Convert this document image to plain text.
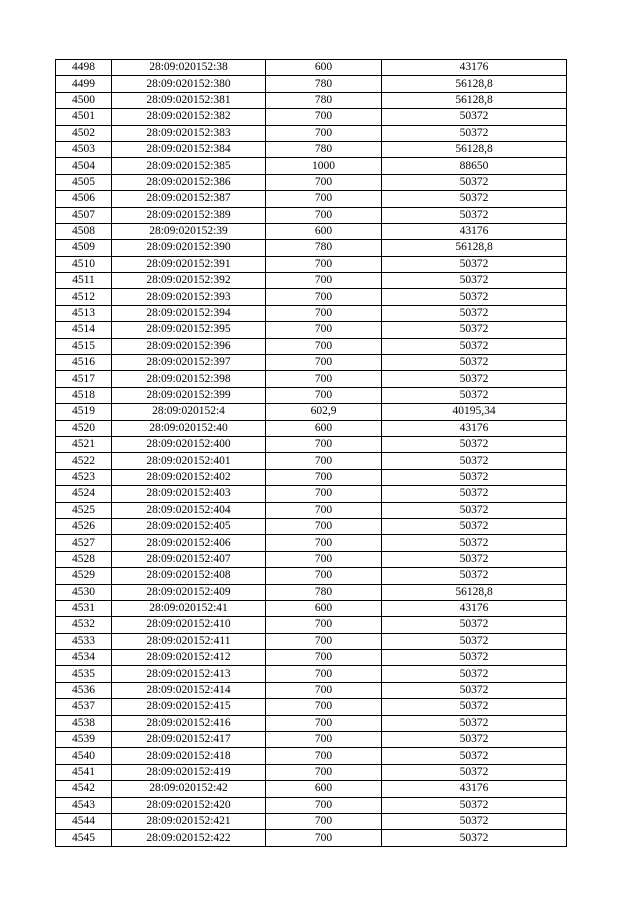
4498	28:09:020152:38	600	43176
4499	28:09:020152:380	780	56128,8
4500	28:09:020152:381	780	56128,8
4501	28:09:020152:382	700	50372
4502	28:09:020152:383	700	50372
4503	28:09:020152:384	780	56128,8
4504	28:09:020152:385	1000	88650
4505	28:09:020152:386	700	50372
4506	28:09:020152:387	700	50372
4507	28:09:020152:389	700	50372
4508	28:09:020152:39	600	43176
4509	28:09:020152:390	780	56128,8
4510	28:09:020152:391	700	50372
4511	28:09:020152:392	700	50372
4512	28:09:020152:393	700	50372
4513	28:09:020152:394	700	50372
4514	28:09:020152:395	700	50372
4515	28:09:020152:396	700	50372
4516	28:09:020152:397	700	50372
4517	28:09:020152:398	700	50372
4518	28:09:020152:399	700	50372
4519	28:09:020152:4	602,9	40195,34
4520	28:09:020152:40	600	43176
4521	28:09:020152:400	700	50372
4522	28:09:020152:401	700	50372
4523	28:09:020152:402	700	50372
4524	28:09:020152:403	700	50372
4525	28:09:020152:404	700	50372
4526	28:09:020152:405	700	50372
4527	28:09:020152:406	700	50372
4528	28:09:020152:407	700	50372
4529	28:09:020152:408	700	50372
4530	28:09:020152:409	780	56128,8
4531	28:09:020152:41	600	43176
4532	28:09:020152:410	700	50372
4533	28:09:020152:411	700	50372
4534	28:09:020152:412	700	50372
4535	28:09:020152:413	700	50372
4536	28:09:020152:414	700	50372
4537	28:09:020152:415	700	50372
4538	28:09:020152:416	700	50372
4539	28:09:020152:417	700	50372
4540	28:09:020152:418	700	50372
4541	28:09:020152:419	700	50372
4542	28:09:020152:42	600	43176
4543	28:09:020152:420	700	50372
4544	28:09:020152:421	700	50372
4545	28:09:020152:422	700	50372
